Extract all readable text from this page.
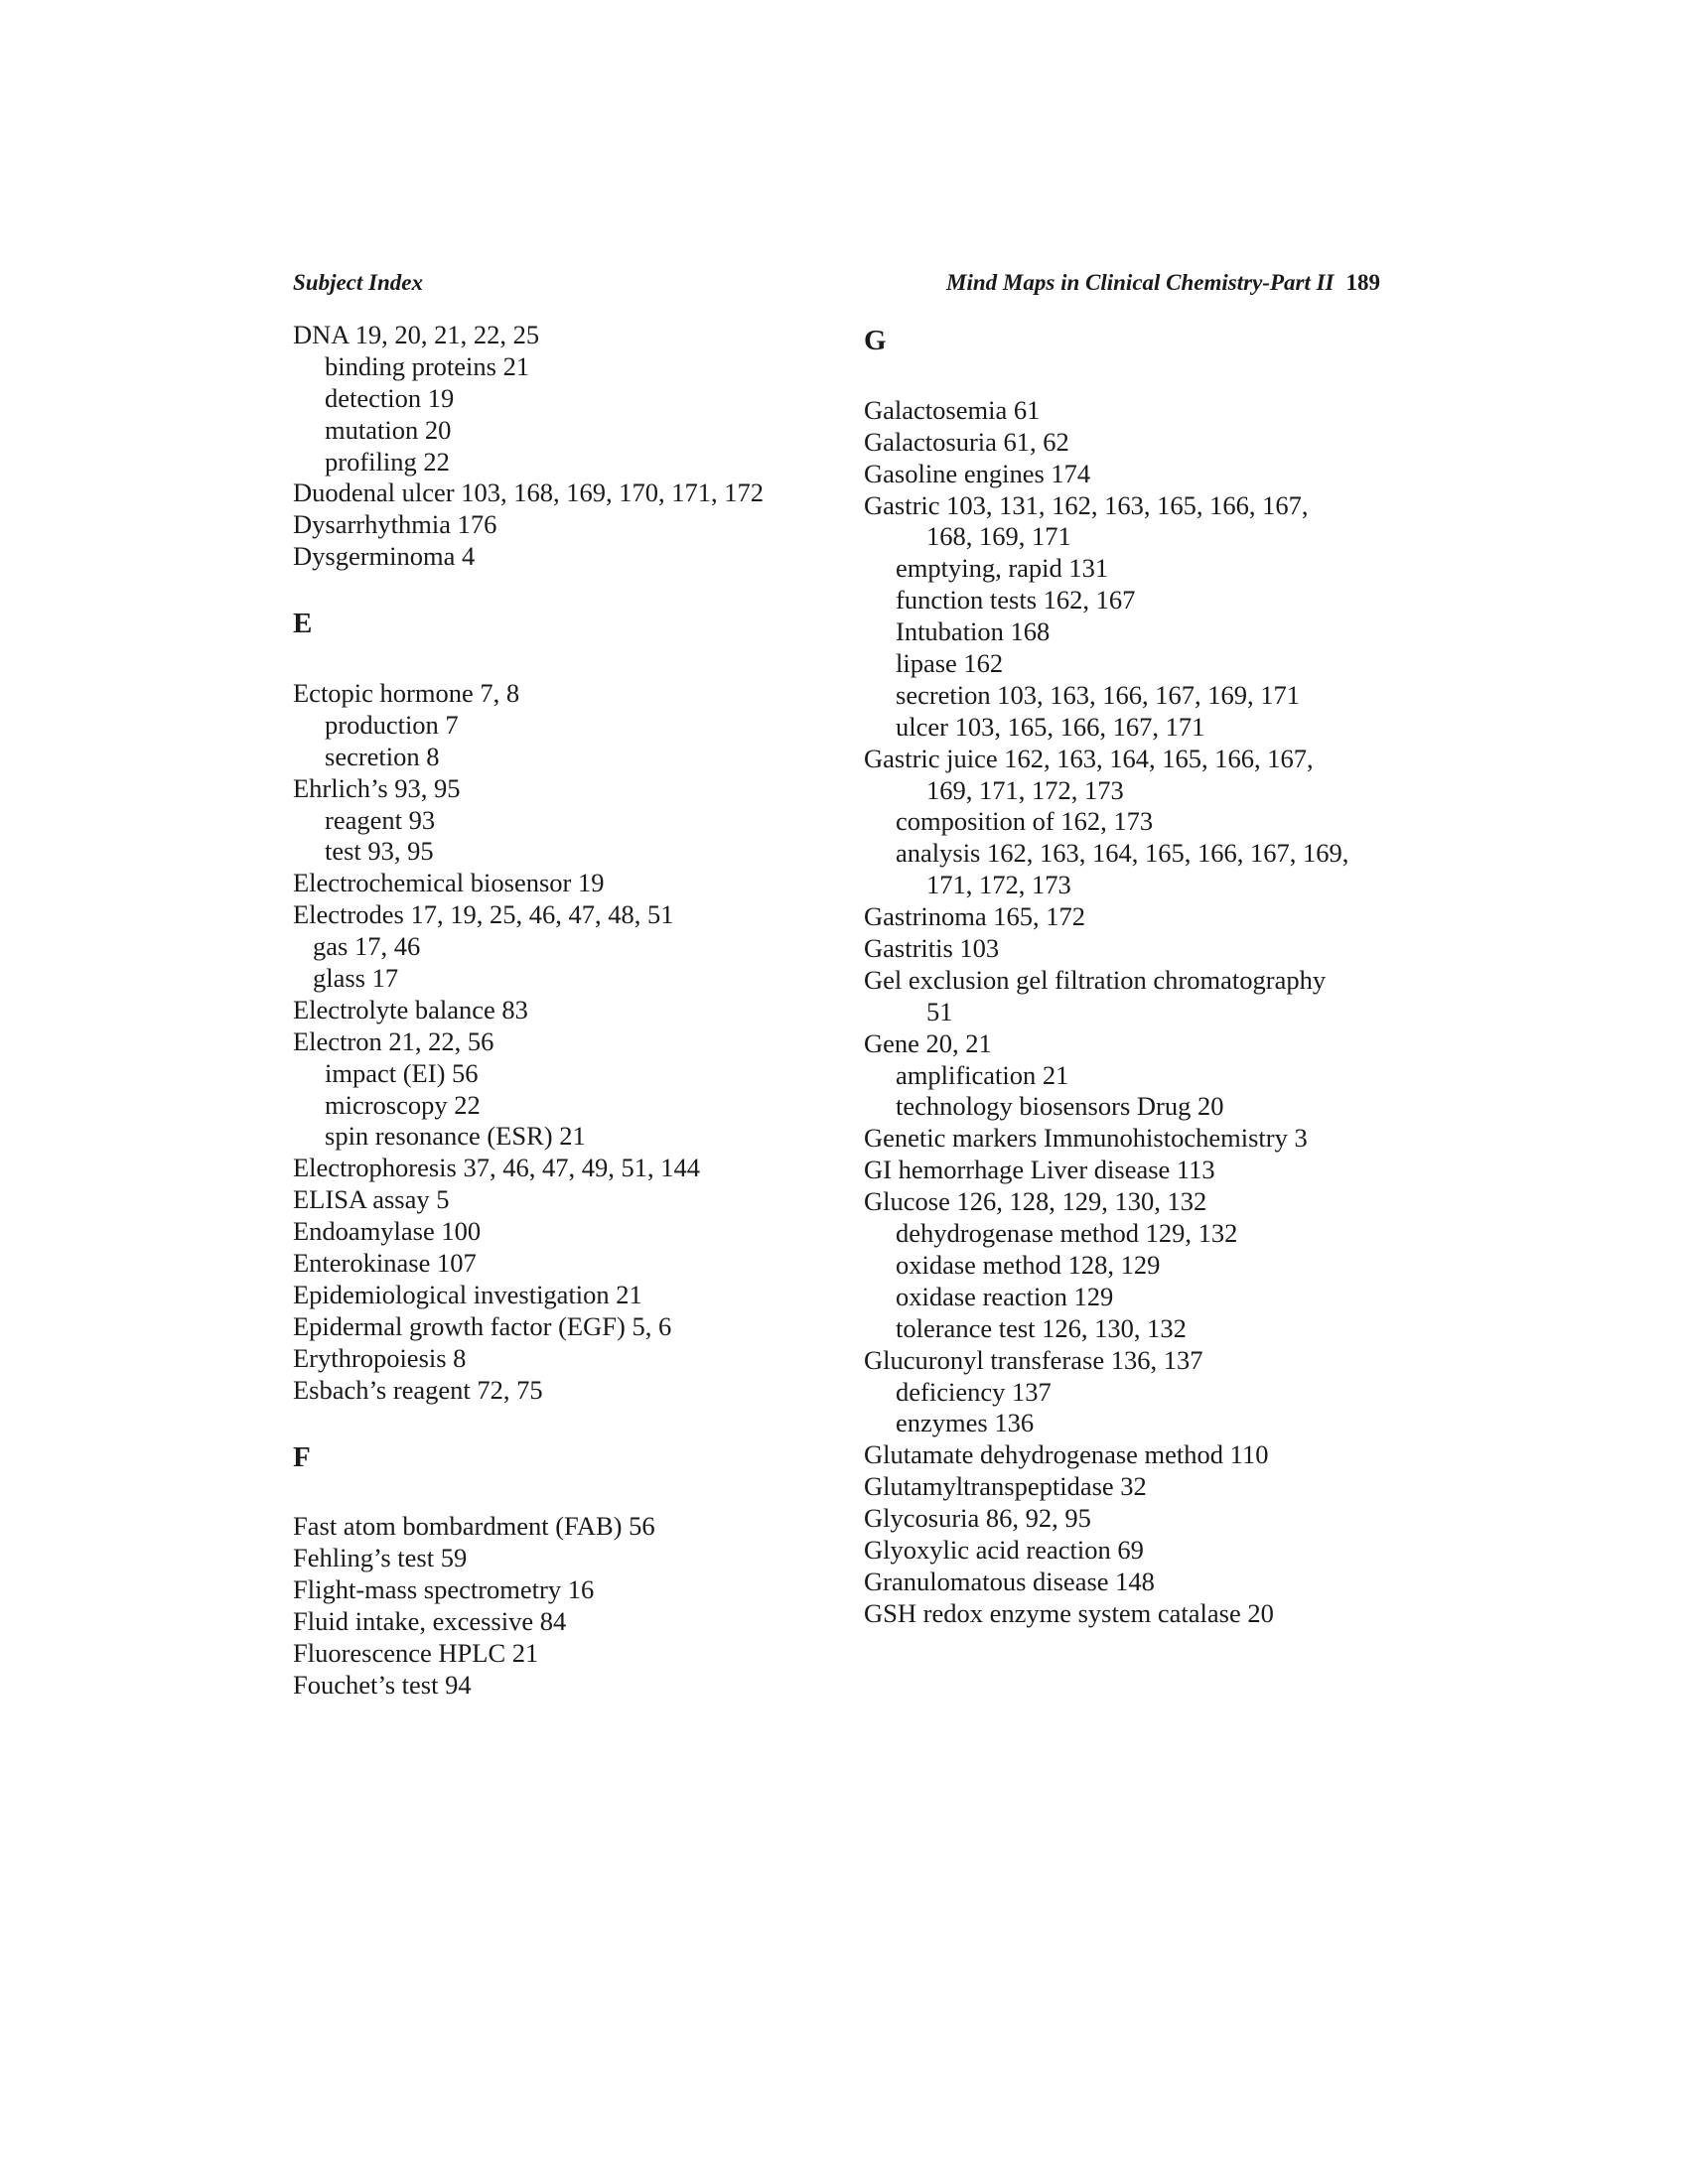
Subject Index	Mind Maps in Clinical Chemistry-Part II 189
DNA 19, 20, 21, 22, 25
binding proteins 21
detection 19
mutation 20
profiling 22
Duodenal ulcer 103, 168, 169, 170, 171, 172
Dysarrhythmia 176
Dysgerminoma 4
E
Ectopic hormone 7, 8
production 7
secretion 8
Ehrlich’s 93, 95
reagent 93
test 93, 95
Electrochemical biosensor 19
Electrodes 17, 19, 25, 46, 47, 48, 51
gas 17, 46
glass 17
Electrolyte balance 83
Electron 21, 22, 56
impact (EI) 56
microscopy 22
spin resonance (ESR) 21
Electrophoresis 37, 46, 47, 49, 51, 144
ELISA assay 5
Endoamylase 100
Enterokinase 107
Epidemiological investigation 21
Epidermal growth factor (EGF) 5, 6
Erythropoiesis 8
Esbach’s reagent 72, 75
F
Fast atom bombardment (FAB) 56
Fehling’s test 59
Flight-mass spectrometry 16
Fluid intake, excessive 84
Fluorescence HPLC 21
Fouchet’s test 94
G
Galactosemia 61
Galactosuria 61, 62
Gasoline engines 174
Gastric 103, 131, 162, 163, 165, 166, 167,
168, 169, 171
emptying, rapid 131
function tests 162, 167
Intubation 168
lipase 162
secretion 103, 163, 166, 167, 169, 171
ulcer 103, 165, 166, 167, 171
Gastric juice 162, 163, 164, 165, 166, 167,
169, 171, 172, 173
composition of 162, 173
analysis 162, 163, 164, 165, 166, 167, 169,
171, 172, 173
Gastrinoma 165, 172
Gastritis 103
Gel exclusion gel filtration chromatography
51
Gene 20, 21
amplification 21
technology biosensors Drug 20
Genetic markers Immunohistochemistry 3
GI hemorrhage Liver disease 113
Glucose 126, 128, 129, 130, 132
dehydrogenase method 129, 132
oxidase method 128, 129
oxidase reaction 129
tolerance test 126, 130, 132
Glucuronyl transferase 136, 137
deficiency 137
enzymes 136
Glutamate dehydrogenase method 110
Glutamyltranspeptidase 32
Glycosuria 86, 92, 95
Glyoxylic acid reaction 69
Granulomatous disease 148
GSH redox enzyme system catalase 20
